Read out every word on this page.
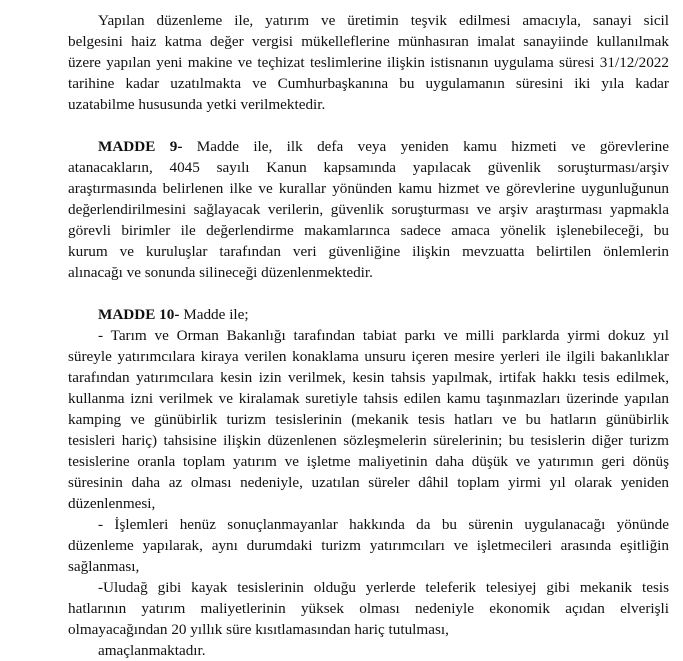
Yapılan düzenleme ile, yatırım ve üretimin teşvik edilmesi amacıyla, sanayi sicil
belgesini haiz katma değer vergisi mükelleflerine münhasıran imalat sanayiinde kullanılmak
üzere yapılan yeni makine ve teçhizat teslimlerine ilişkin istisnanın uygulama süresi 31/12/2022
tarihine kadar uzatılmakta ve Cumhurbaşkanına bu uygulamanın süresini iki yıla kadar
uzatabilme hususunda yetki verilmektedir.
MADDE 9- Madde ile, ilk defa veya yeniden kamu hizmeti ve görevlerine
atanacakların, 4045 sayılı Kanun kapsamında yapılacak güvenlik soruşturması/arşiv
araştırmasında belirlenen ilke ve kurallar yönünden kamu hizmet ve görevlerine uygunluğunun
değerlendirilmesini sağlayacak verilerin, güvenlik soruşturması ve arşiv araştırması yapmakla
görevli birimler ile değerlendirme makamlarınca sadece amaca yönelik işlenebileceği, bu
kurum ve kuruluşlar tarafından veri güvenliğine ilişkin mevzuatta belirtilen önlemlerin
alınacağı ve sonunda silineceği düzenlenmektedir.
MADDE 10- Madde ile;
- Tarım ve Orman Bakanlığı tarafından tabiat parkı ve milli parklarda yirmi dokuz yıl
süreyle yatırımcılara kiraya verilen konaklama unsuru içeren mesire yerleri ile ilgili bakanlıklar
tarafından yatırımcılara kesin izin verilmek, kesin tahsis yapılmak, irtifak hakkı tesis edilmek,
kullanma izni verilmek ve kiralamak suretiyle tahsis edilen kamu taşınmazları üzerinde yapılan
kamping ve günübirlik turizm tesislerinin (mekanik tesis hatları ve bu hatların günübirlik
tesisleri hariç) tahsisine ilişkin düzenlenen sözleşmelerin sürelerinin; bu tesislerin diğer turizm
tesislerine oranla toplam yatırım ve işletme maliyetinin daha düşük ve yatırımın geri dönüş
süresinin daha az olması nedeniyle, uzatılan süreler dâhil toplam yirmi yıl olarak yeniden
düzenlenmesi,
- İşlemleri henüz sonuçlanmayanlar hakkında da bu sürenin uygulanacağı yönünde
düzenleme yapılarak, aynı durumdaki turizm yatırımcıları ve işletmecileri arasında eşitliğin
sağlanması,
-Uludağ gibi kayak tesislerinin olduğu yerlerde teleferik telesiyej gibi mekanik tesis
hatlarının yatırım maliyetlerinin yüksek olması nedeniyle ekonomik açıdan elverişli
olmayacağından 20 yıllık süre kısıtlamasından hariç tutulması,
amaçlanmaktadır.
